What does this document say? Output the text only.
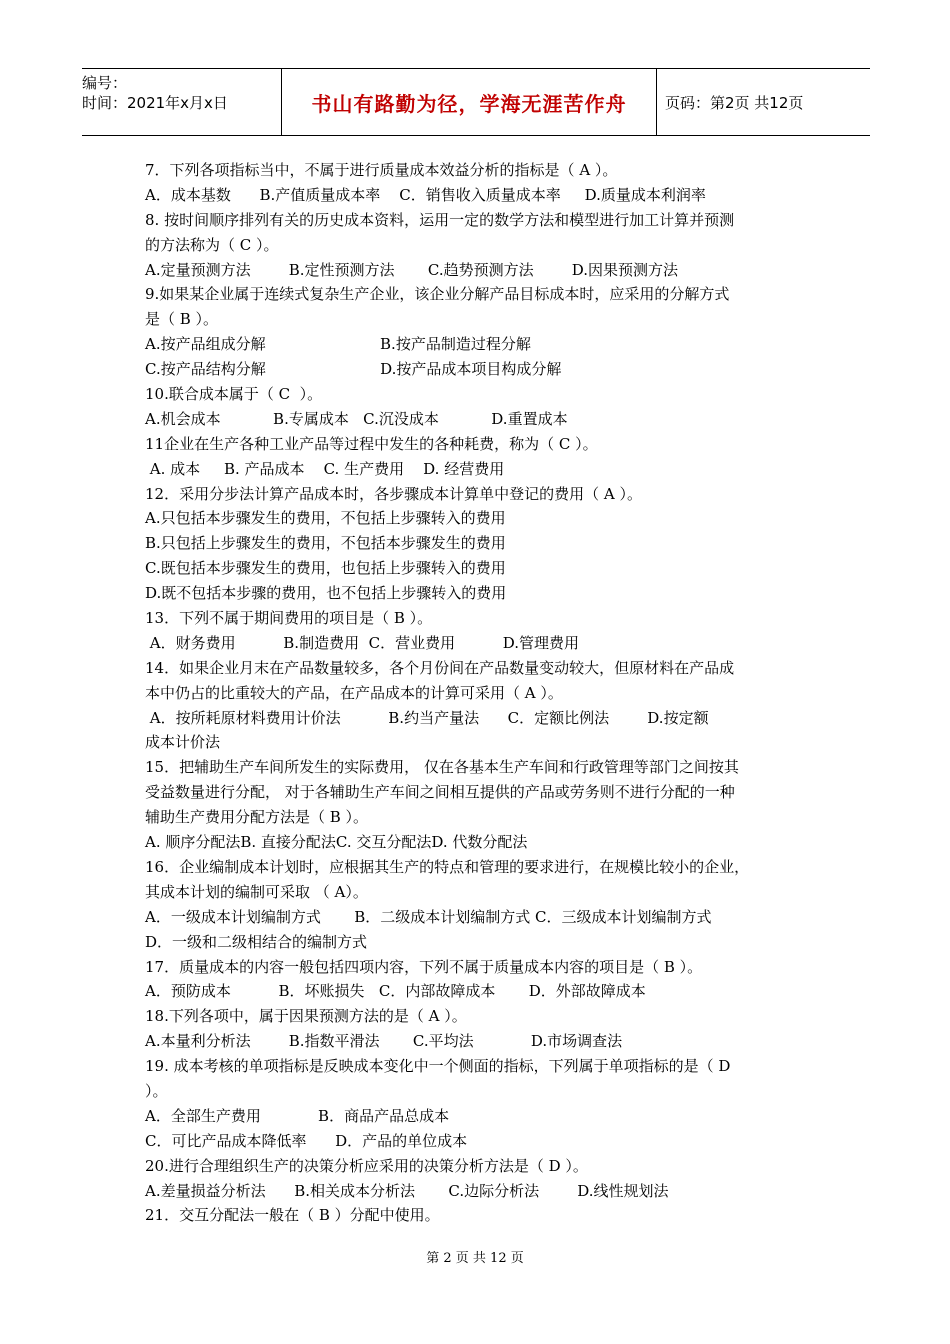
编号：
时间：2021年x月x日	书山有路勤为径，学海无涯苦作舟	页码：第2页 共12页
7．下列各项指标当中，不属于进行质量成本效益分析的指标是（ A ）。
A．成本基数      B.产值质量成本率    C．销售收入质量成本率     D.质量成本利润率
8. 按时间顺序排列有关的历史成本资料，运用一定的数学方法和模型进行加工计算并预测
的方法称为（ C ）。
A.定量预测方法        B.定性预测方法       C.趋势预测方法        D.因果预测方法
9.如果某企业属于连续式复杂生产企业，该企业分解产品目标成本时，应采用的分解方式
是（ B ）。
A.按产品组成分解                        B.按产品制造过程分解
C.按产品结构分解                        D.按产品成本项目构成分解
10.联合成本属于（ C  ）。
A.机会成本           B.专属成本   C.沉没成本           D.重置成本
11企业在生产各种工业产品等过程中发生的各种耗费，称为（ C ）。
A. 成本     B. 产品成本    C. 生产费用    D. 经营费用
12．采用分步法计算产品成本时，各步骤成本计算单中登记的费用（ A ）。
A.只包括本步骤发生的费用，不包括上步骤转入的费用
B.只包括上步骤发生的费用，不包括本步骤发生的费用
C.既包括本步骤发生的费用，也包括上步骤转入的费用
D.既不包括本步骤的费用，也不包括上步骤转入的费用
13．下列不属于期间费用的项目是（ B ）。
A．财务费用          B.制造费用  C．营业费用          D.管理费用
14．如果企业月末在产品数量较多，各个月份间在产品数量变动较大，但原材料在产品成
本中仍占的比重较大的产品，在产品成本的计算可采用（ A ）。
A．按所耗原材料费用计价法          B.约当产量法      C．定额比例法        D.按定额
成本计价法
15．把辅助生产车间所发生的实际费用， 仅在各基本生产车间和行政管理等部门之间按其
受益数量进行分配， 对于各辅助生产车间之间相互提供的产品或劳务则不进行分配的一种
辅助生产费用分配方法是（ B ）。
A. 顺序分配法B. 直接分配法C. 交互分配法D. 代数分配法
16．企业编制成本计划时，应根据其生产的特点和管理的要求进行，在规模比较小的企业，
其成本计划的编制可采取 （ A）。
A．一级成本计划编制方式       B．二级成本计划编制方式 C．三级成本计划编制方式
D．一级和二级相结合的编制方式
17．质量成本的内容一般包括四项内容，下列不属于质量成本内容的项目是（ B ）。
A．预防成本          B．坏账损失   C．内部故障成本       D．外部故障成本
18.下列各项中，属于因果预测方法的是（ A ）。
A.本量利分析法        B.指数平滑法       C.平均法            D.市场调查法
19. 成本考核的单项指标是反映成本变化中一个侧面的指标，下列属于单项指标的是（ D
）。
A．全部生产费用            B．商品产品总成本
C．可比产品成本降低率      D．产品的单位成本
20.进行合理组织生产的决策分析应采用的决策分析方法是（ D ）。
A.差量损益分析法      B.相关成本分析法       C.边际分析法        D.线性规划法
21．交互分配法一般在（ B ）分配中使用。
第 2 页 共 12 页
